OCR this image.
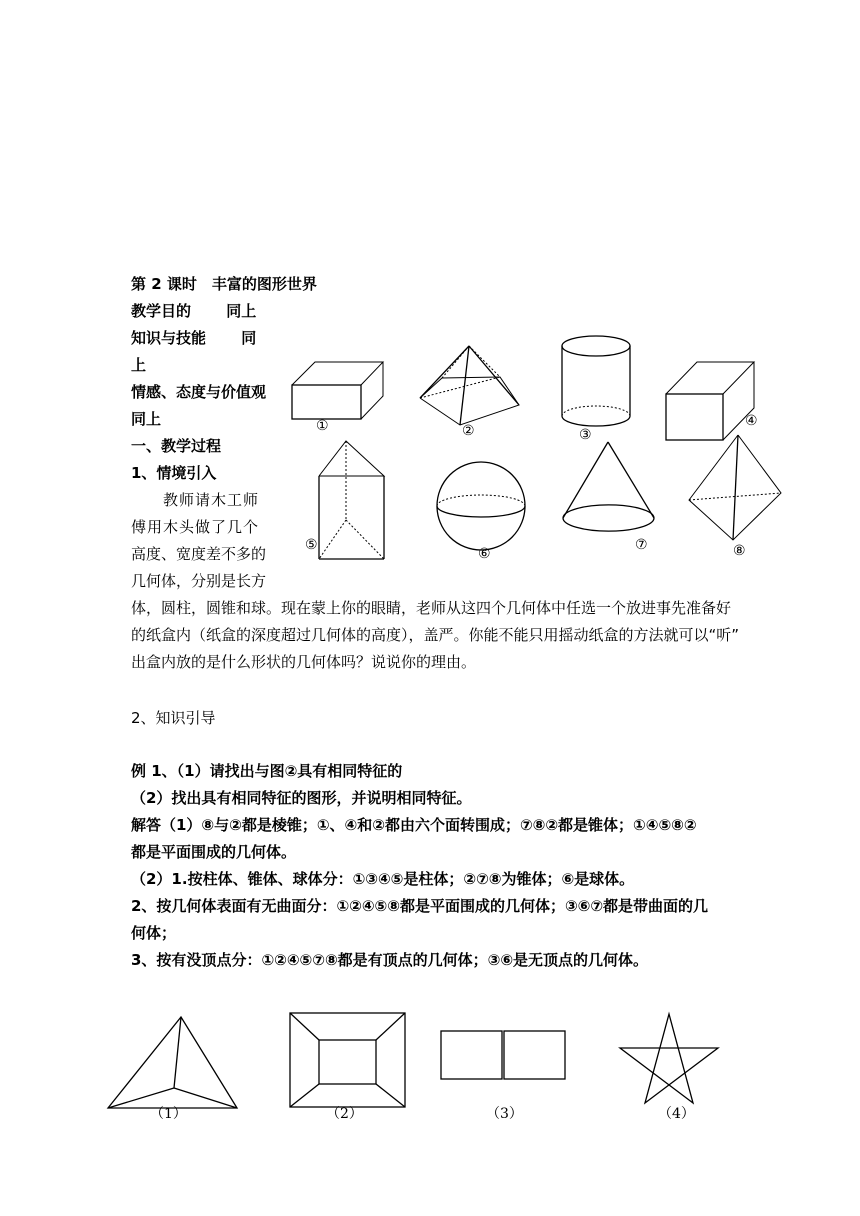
第 2 课时　丰富的图形世界
教学目的　　 同上
知识与技能　　 同
上
情感、态度与价值观
同上
一、教学过程
1、情境引入
　　教师请木工师
傅用木头做了几个
高度、宽度差不多的
几何体，分别是长方
体，圆柱，圆锥和球。现在蒙上你的眼睛，老师从这四个几何体中任选一个放进事先准备好
的纸盒内（纸盒的深度超过几何体的高度），盖严。你能不能只用摇动纸盒的方法就可以“听”
出盒内放的是什么形状的几何体吗？说说你的理由。
①	②	③
④
⑤
⑥
⑦	⑧
2、知识引导
例 1、（1）请找出与图②具有相同特征的
（2）找出具有相同特征的图形，并说明相同特征。
解答（1）⑧与②都是棱锥；①、④和②都由六个面转围成；⑦⑧②都是锥体；①④⑤⑧②
都是平面围成的几何体。
（2）1.按柱体、锥体、球体分：①③④⑤是柱体；②⑦⑧为锥体；⑥是球体。
2、按几何体表面有无曲面分：①②④⑤⑧都是平面围成的几何体；③⑥⑦都是带曲面的几
何体；
3、按有没顶点分：①②④⑤⑦⑧都是有顶点的几何体；③⑥是无顶点的几何体。
（1）	（2）	（3）	（4）
